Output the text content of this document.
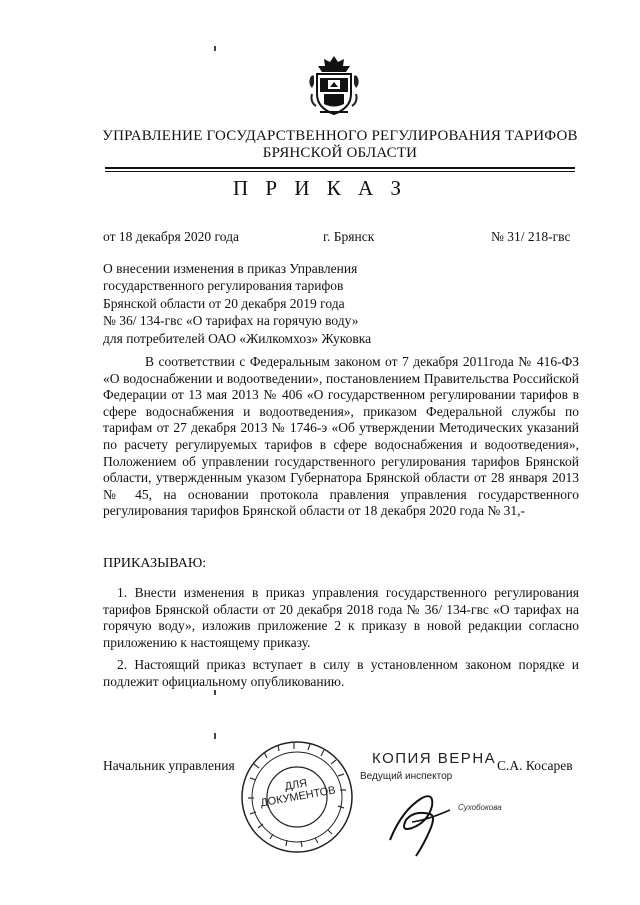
УПРАВЛЕНИЕ ГОСУДАРСТВЕННОГО РЕГУЛИРОВАНИЯ ТАРИФОВ
БРЯНСКОЙ ОБЛАСТИ
П Р И К А З
от 18 декабря 2020 года	г. Брянск	№ 31/ 218-гвс
О внесении изменения в приказ Управления
государственного регулирования тарифов
Брянской области от 20 декабря 2019 года
№ 36/ 134-гвс «О тарифах на горячую воду»
для потребителей ОАО «Жилкомхоз» Жуковка
В соответствии с Федеральным законом от 7 декабря 2011года № 416-ФЗ «О водоснабжении и водоотведении», постановлением Правительства Российской Федерации от 13 мая 2013 № 406 «О государственном регулировании тарифов в сфере водоснабжения и водоотведения», приказом Федеральной службы по тарифам от 27 декабря 2013 № 1746-э «Об утверждении Методических указаний по расчету регулируемых тарифов в сфере водоснабжения и водоотведения», Положением об управлении государственного регулирования тарифов Брянской области, утвержденным указом Губернатора Брянской области от 28 января 2013 № 45, на основании протокола правления управления государственного регулирования тарифов Брянской области от 18 декабря 2020 года № 31,-
ПРИКАЗЫВАЮ:
1. Внести изменения в приказ управления государственного регулирования тарифов Брянской области от 20 декабря 2018 года № 36/ 134-гвс «О тарифах на горячую воду», изложив приложение 2 к приказу в новой редакции согласно приложению к настоящему приказу.
2. Настоящий приказ вступает в силу в установленном законом порядке и подлежит официальному опубликованию.
Начальник управления
ДЛЯ
ДОКУМЕНТОВ
КОПИЯ ВЕРНА
Ведущий инспектор
Сухобокова
С.А. Косарев
